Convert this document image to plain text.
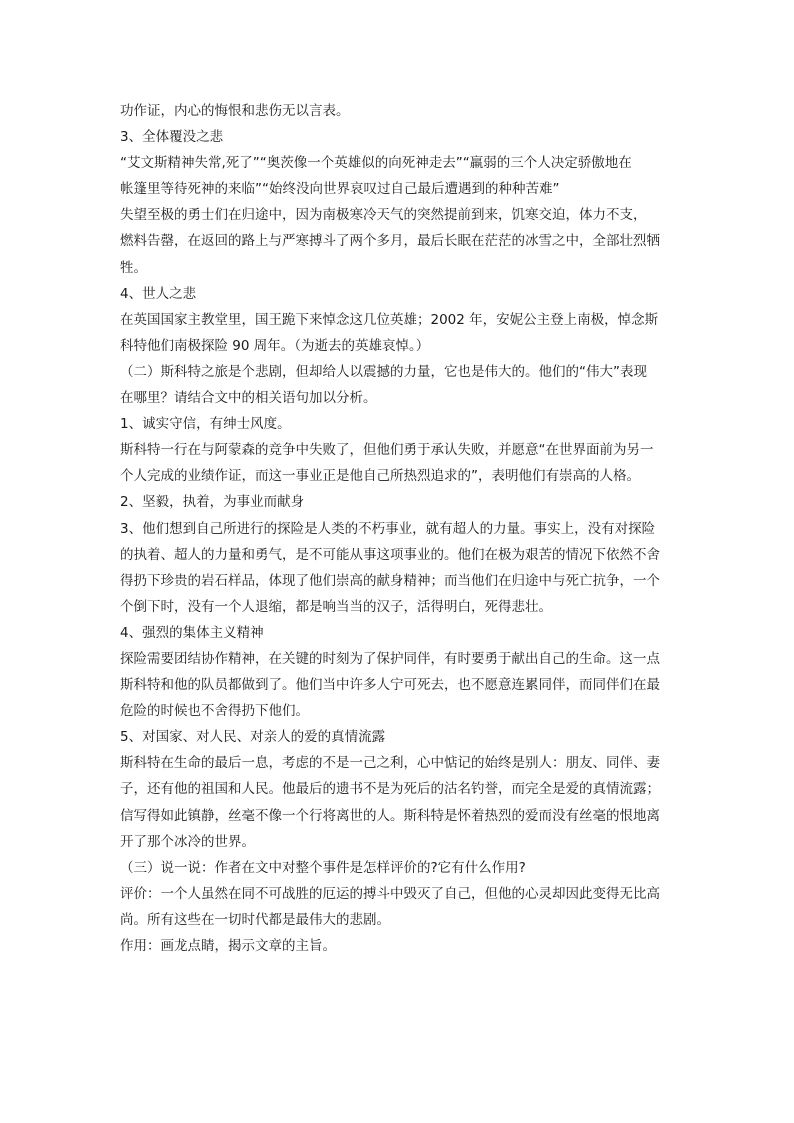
功作证，内心的悔恨和悲伤无以言表。

3、全体覆没之悲

“艾文斯精神失常,死了”“奥茨像一个英雄似的向死神走去”“羸弱的三个人决定骄傲地在

帐篷里等待死神的来临”“始终没向世界哀叹过自己最后遭遇到的种种苦难”

失望至极的勇士们在归途中，因为南极寒冷天气的突然提前到来，饥寒交迫，体力不支，

燃料告罄，在返回的路上与严寒搏斗了两个多月，最后长眠在茫茫的冰雪之中，全部壮烈牺

牲。

4、世人之悲

在英国国家主教堂里，国王跪下来悼念这几位英雄；2002 年，安妮公主登上南极，悼念斯

科特他们南极探险 90 周年。（为逝去的英雄哀悼。）

（二）斯科特之旅是个悲剧，但却给人以震撼的力量，它也是伟大的。他们的“伟大”表现

在哪里？请结合文中的相关语句加以分析。

1、诚实守信，有绅士风度。

斯科特一行在与阿蒙森的竞争中失败了，但他们勇于承认失败，并愿意“在世界面前为另一

个人完成的业绩作证，而这一事业正是他自己所热烈追求的”，表明他们有崇高的人格。

2、坚毅，执着，为事业而献身

3、他们想到自己所进行的探险是人类的不朽事业，就有超人的力量。事实上，没有对探险

的执着、超人的力量和勇气，是不可能从事这项事业的。他们在极为艰苦的情况下依然不舍

得扔下珍贵的岩石样品，体现了他们崇高的献身精神；而当他们在归途中与死亡抗争，一个

个倒下时，没有一个人退缩，都是响当当的汉子，活得明白，死得悲壮。

4、强烈的集体主义精神

探险需要团结协作精神，在关键的时刻为了保护同伴，有时要勇于献出自己的生命。这一点

斯科特和他的队员都做到了。他们当中许多人宁可死去，也不愿意连累同伴，而同伴们在最

危险的时候也不舍得扔下他们。

5、对国家、对人民、对亲人的爱的真情流露

斯科特在生命的最后一息，考虑的不是一己之利，心中惦记的始终是别人：朋友、同伴、妻

子，还有他的祖国和人民。他最后的遗书不是为死后的沽名钓誉，而完全是爱的真情流露；

信写得如此镇静，丝毫不像一个行将离世的人。斯科特是怀着热烈的爱而没有丝毫的恨地离

开了那个冰冷的世界。

（三）说一说：作者在文中对整个事件是怎样评价的?它有什么作用?

评价：一个人虽然在同不可战胜的厄运的搏斗中毁灭了自己，但他的心灵却因此变得无比高

尚。所有这些在一切时代都是最伟大的悲剧。

作用：画龙点睛，揭示文章的主旨。
